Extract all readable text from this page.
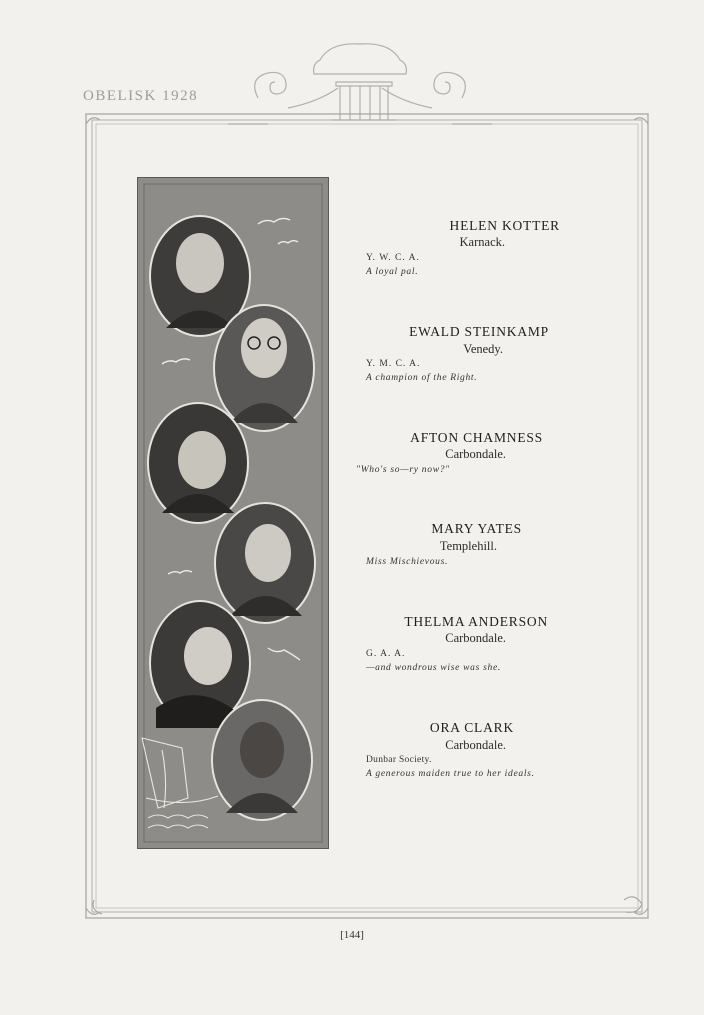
OBELISK 1928
HELEN KOTTER
Karnack.
Y. W. C. A.
A loyal pal.
EWALD STEINKAMP
Venedy.
Y. M. C. A.
A champion of the Right.
AFTON CHAMNESS
Carbondale.
"Who's so—ry now?"
MARY YATES
Templehill.
Miss Mischievous.
THELMA ANDERSON
Carbondale.
G. A. A.
—and wondrous wise was she.
ORA CLARK
Carbondale.
Dunbar Society.
A generous maiden true to her ideals.
[144]
